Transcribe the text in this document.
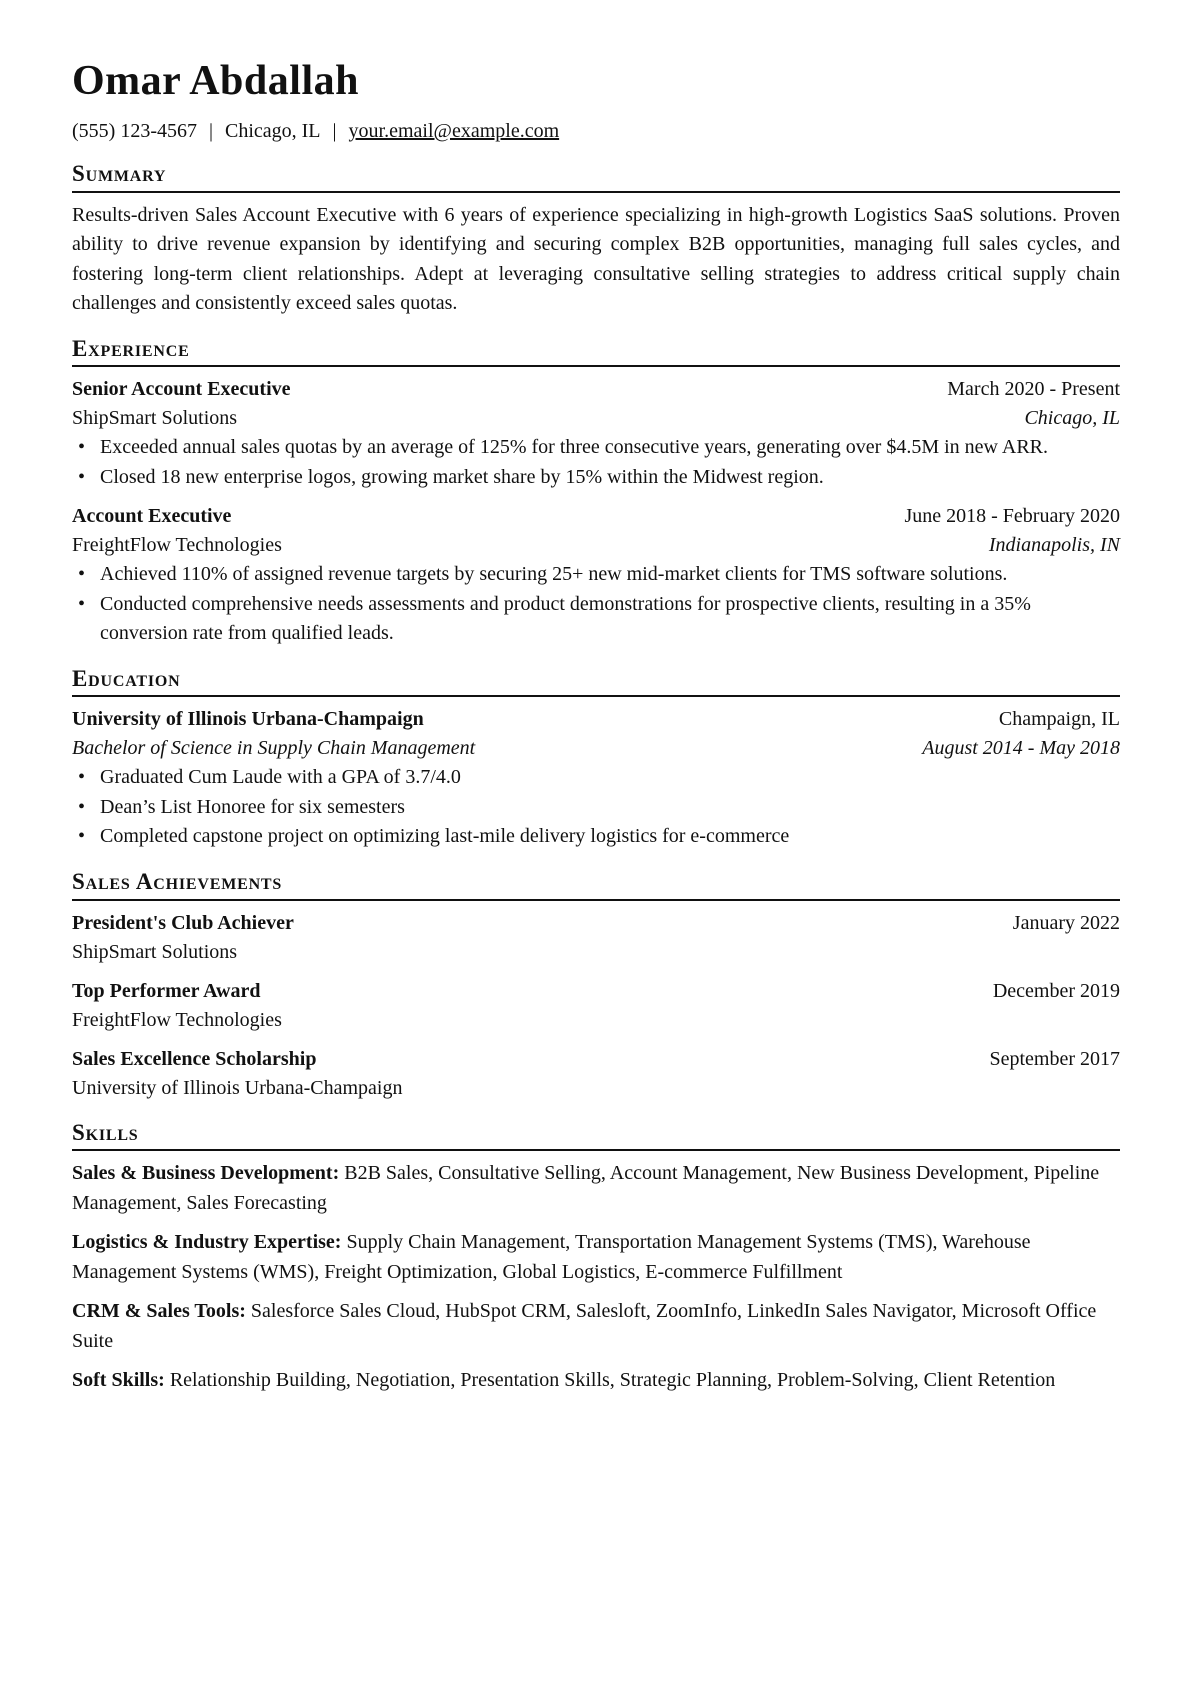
Omar Abdallah
(555) 123-4567 | Chicago, IL | your.email@example.com
Summary

Results-driven Sales Account Executive with 6 years of experience specializing in high-growth Logistics SaaS solutions. Proven ability to drive revenue expansion by identifying and securing complex B2B opportunities, managing full sales cycles, and fostering long-term client relationships. Adept at leveraging consultative selling strategies to address critical supply chain challenges and consistently exceed sales quotas.

Experience
Senior Account Executive	March 2020 - Present
ShipSmart Solutions	Chicago, IL
• Exceeded annual sales quotas by an average of 125% for three consecutive years, generating over $4.5M in new ARR.
• Closed 18 new enterprise logos, growing market share by 15% within the Midwest region.
Account Executive	June 2018 - February 2020
FreightFlow Technologies	Indianapolis, IN
• Achieved 110% of assigned revenue targets by securing 25+ new mid-market clients for TMS software solutions.
• Conducted comprehensive needs assessments and product demonstrations for prospective clients, resulting in a 35% conversion rate from qualified leads.
Education
University of Illinois Urbana-Champaign	Champaign, IL
Bachelor of Science in Supply Chain Management	August 2014 - May 2018
• Graduated Cum Laude with a GPA of 3.7/4.0
• Dean’s List Honoree for six semesters
• Completed capstone project on optimizing last-mile delivery logistics for e-commerce
Sales Achievements
President's Club Achiever	January 2022
ShipSmart Solutions
Top Performer Award	December 2019
FreightFlow Technologies
Sales Excellence Scholarship	September 2017
University of Illinois Urbana-Champaign
Skills
Sales & Business Development: B2B Sales, Consultative Selling, Account Management, New Business Development, Pipeline Management, Sales Forecasting
Logistics & Industry Expertise: Supply Chain Management, Transportation Management Systems (TMS), Warehouse Management Systems (WMS), Freight Optimization, Global Logistics, E-commerce Fulfillment
CRM & Sales Tools: Salesforce Sales Cloud, HubSpot CRM, Salesloft, ZoomInfo, LinkedIn Sales Navigator, Microsoft Office Suite
Soft Skills: Relationship Building, Negotiation, Presentation Skills, Strategic Planning, Problem-Solving, Client Retention
